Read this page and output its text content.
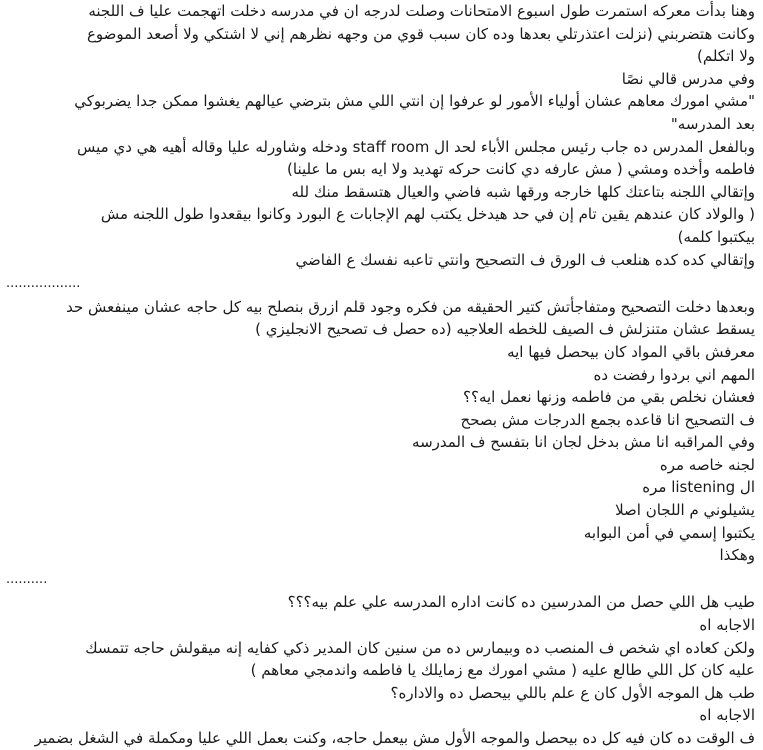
وهنا بدأت معركه استمرت طول اسبوع الامتحانات وصلت لدرجه ان في مدرسه دخلت اتهجمت عليا ف اللجنه
وكانت هتضربني (نزلت اعتذرتلي بعدها وده كان سبب قوي من وجهه نظرهم إني لا اشتكي ولا أصعد الموضوع
ولا اتكلم)
وفي مدرس قالي نصًا
"مشي امورك معاهم عشان أولياء الأمور لو عرفوا إن انتي اللي مش بترضي عيالهم يغشوا ممكن جدا يضربوكي
بعد المدرسه"
وبالفعل المدرس ده جاب رئيس مجلس الأباء لحد ال staff room ودخله وشاورله عليا وقاله أهيه هي دي ميس
فاطمه وأخده ومشي ( مش عارفه دي كانت حركه تهديد ولا ايه بس ما علينا)
وإتقالي اللجنه بتاعتك كلها خارجه ورقها شبه فاضي والعيال هتسقط منك لله
( والولاد كان عندهم يقين تام إن في حد هيدخل يكتب لهم الإجابات ع البورد وكانوا بيقعدوا طول اللجنه مش
بيكتبوا كلمه)
وإتقالي كده كده هنلعب ف الورق ف التصحيح وانتي تاعبه نفسك ع الفاضي
..................
وبعدها دخلت التصحيح ومتفاجأتش كتير الحقيقه من فكره وجود قلم ازرق بنصلح بيه كل حاجه عشان مينفعش حد
يسقط عشان متنزلش ف الصيف للخطه العلاجيه (ده حصل ف تصحيح الانجليزي )
معرفش باقي المواد كان بيحصل فيها ايه
المهم اني بردوا رفضت ده
فعشان نخلص بقي من فاطمه وزنها نعمل ايه؟؟
ف التصحيح انا قاعده بجمع الدرجات مش بصحح
وفي المراقبه انا مش بدخل لجان انا بتفسح ف المدرسه
لجنه خاصه مره
ال listening مره
يشيلوني م اللجان اصلا
يكتبوا إسمي في أمن البوابه
وهكذا
..........
طيب هل اللي حصل من المدرسين ده كانت اداره المدرسه علي علم بيه؟؟؟
الاجابه اه
ولكن كعاده اي شخص ف المنصب ده وبيمارس ده من سنين كان المدير ذكي كفايه إنه ميقولش حاجه تتمسك
عليه كان كل اللي طالع عليه ( مشي امورك مع زمايلك يا فاطمه واندمجي معاهم )
طب هل الموجه الأول كان ع علم باللي بيحصل ده والاداره؟
الاجابه اه
ف الوقت ده كان فيه كل ده بيحصل والموجه الأول مش بيعمل حاجه، وكنت بعمل اللي عليا ومكملة في الشغل بضمير
